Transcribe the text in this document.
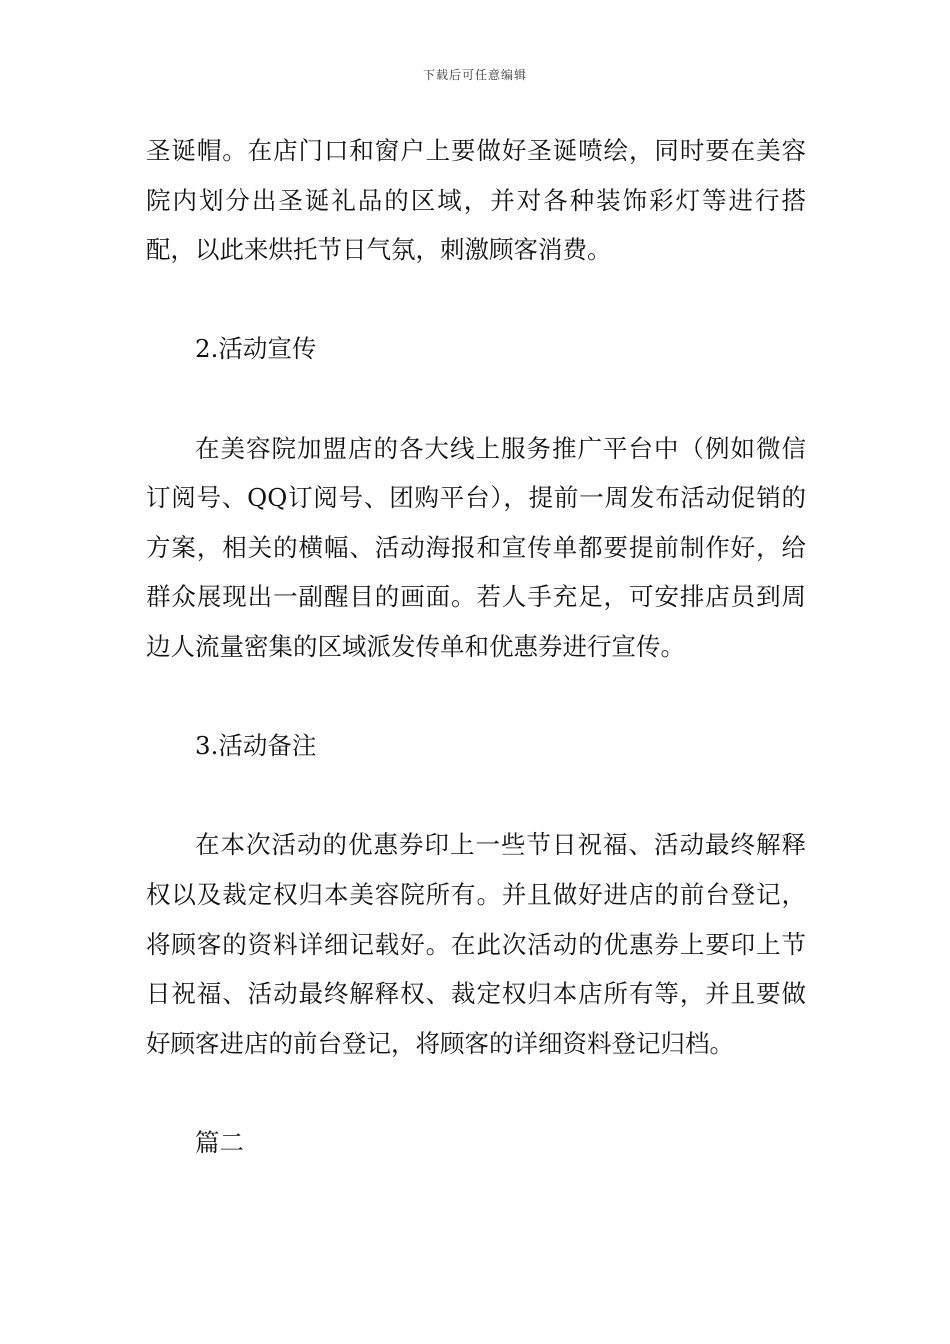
下载后可任意编辑

圣诞帽。在店门口和窗户上要做好圣诞喷绘，同时要在美容院内划分出圣诞礼品的区域，并对各种装饰彩灯等进行搭配，以此来烘托节日气氛，刺激顾客消费。

2.活动宣传

在美容院加盟店的各大线上服务推广平台中（例如微信订阅号、QQ订阅号、团购平台），提前一周发布活动促销的方案，相关的横幅、活动海报和宣传单都要提前制作好，给群众展现出一副醒目的画面。若人手充足，可安排店员到周边人流量密集的区域派发传单和优惠券进行宣传。

3.活动备注

在本次活动的优惠券印上一些节日祝福、活动最终解释权以及裁定权归本美容院所有。并且做好进店的前台登记，将顾客的资料详细记载好。在此次活动的优惠券上要印上节日祝福、活动最终解释权、裁定权归本店所有等，并且要做好顾客进店的前台登记，将顾客的详细资料登记归档。

篇二
